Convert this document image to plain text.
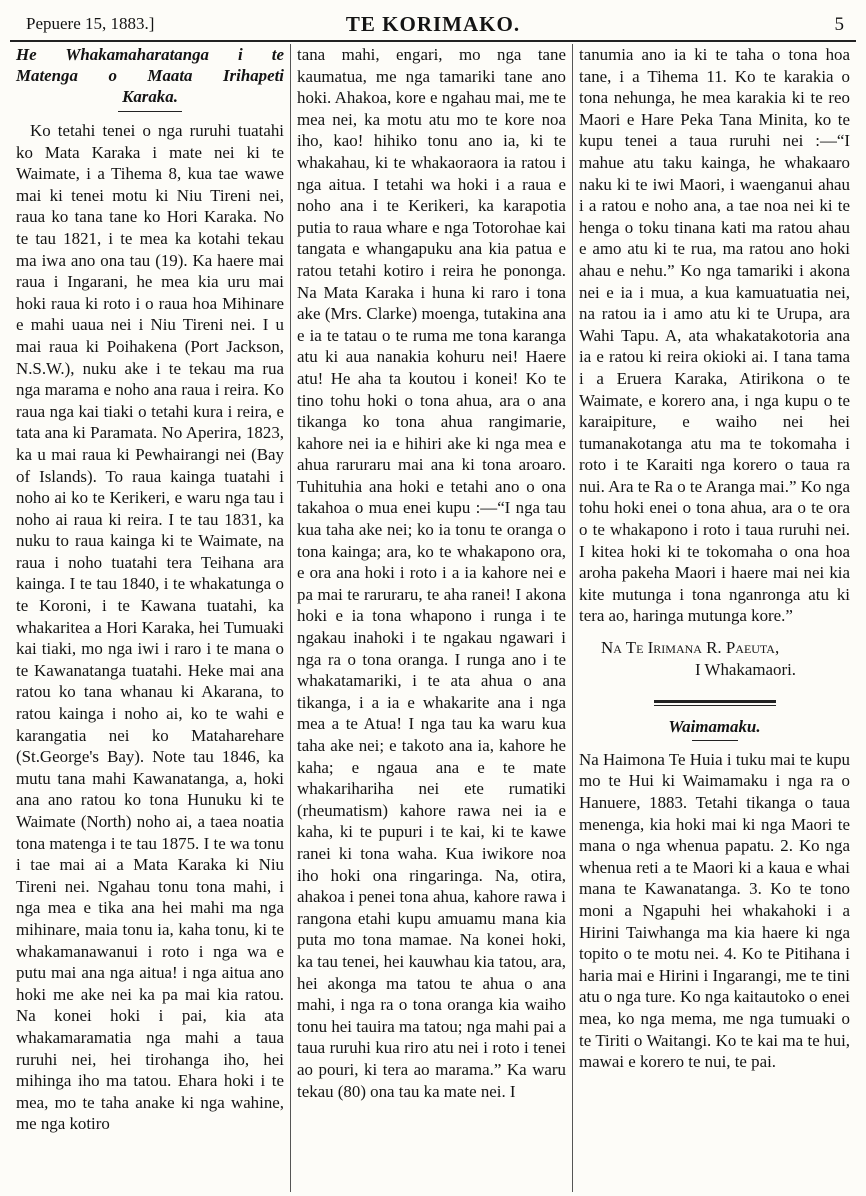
Pepuere 15, 1883.]	TE KORIMAKO.	5
He Whakamaharatanga i te
Matenga o Maata Irihapeti
Karaka.

Ko tetahi tenei o nga ruruhi tuatahi ko Mata Karaka i mate nei ki te Waimate, i a Tihema 8, kua tae wawe mai ki tenei motu ki Niu Tireni nei, raua ko tana tane ko Hori Karaka. No te tau 1821, i te mea ka kotahi tekau ma iwa ano ona tau (19). Ka haere mai raua i Ingarani, he mea kia uru mai hoki raua ki roto i o raua hoa Mihinare e mahi uaua nei i Niu Tireni nei. I u mai raua ki Poihakena (Port Jackson, N.S.W.), nuku ake i te tekau ma rua nga marama e noho ana raua i reira. Ko raua nga kai tiaki o tetahi kura i reira, e tata ana ki Paramata. No Aperira, 1823, ka u mai raua ki Pewhairangi nei (Bay of Islands). To raua kainga tuatahi i noho ai ko te Kerikeri, e waru nga tau i noho ai raua ki reira. I te tau 1831, ka nuku to raua kainga ki te Waimate, na raua i noho tuatahi tera Teihana ara kainga. I te tau 1840, i te whakatunga o te Koroni, i te Kawana tuatahi, ka whakaritea a Hori Karaka, hei Tumuaki kai tiaki, mo nga iwi i raro i te mana o te Kawanatanga tuatahi. Heke mai ana ratou ko tana whanau ki Akarana, to ratou kainga i noho ai, ko te wahi e karangatia nei ko Mataharehare (St.George's Bay). Note tau 1846, ka mutu tana mahi Kawanatanga, a, hoki ana ano ratou ko tona Hunuku ki te Waimate (North) noho ai, a taea noatia tona matenga i te tau 1875. I te wa tonu i tae mai ai a Mata Karaka ki Niu Tireni nei. Ngahau tonu tona mahi, i nga mea e tika ana hei mahi ma nga mihinare, maia tonu ia, kaha tonu, ki te whakamanawanui i roto i nga wa e putu mai ana nga aitua! i nga aitua ano hoki me ake nei ka pa mai kia ratou. Na konei hoki i pai, kia ata whakamaramatia nga mahi a taua ruruhi nei, hei tirohanga iho, hei mihinga iho ma tatou. Ehara hoki i te mea, mo te taha anake ki nga wahine, me nga kotiro

tana mahi, engari, mo nga tane kaumatua, me nga tamariki tane ano hoki. Ahakoa, kore e ngahau mai, me te mea nei, ka motu atu mo te kore noa iho, kao! hihiko tonu ano ia, ki te whakahau, ki te whakaoraora ia ratou i nga aitua. I tetahi wa hoki i a raua e noho ana i te Kerikeri, ka karapotia putia to raua whare e nga Totorohae kai tangata e whangapuku ana kia patua e ratou tetahi kotiro i reira he pononga. Na Mata Karaka i huna ki raro i tona ake (Mrs. Clarke) moenga, tutakina ana e ia te tatau o te ruma me tona karanga atu ki aua nanakia kohuru nei! Haere atu! He aha ta koutou i konei! Ko te tino tohu hoki o tona ahua, ara o ana tikanga ko tona ahua rangimarie, kahore nei ia e hihiri ake ki nga mea e ahua raruraru mai ana ki tona aroaro. Tuhituhia ana hoki e tetahi ano o ona takahoa o mua enei kupu :—“I nga tau kua taha ake nei; ko ia tonu te oranga o tona kainga; ara, ko te whakapono ora, e ora ana hoki i roto i a ia kahore nei e pa mai te raruraru, te aha ranei! I akona hoki e ia tona whapono i runga i te ngakau inahoki i te ngakau ngawari i nga ra o tona oranga. I runga ano i te whakatamariki, i te ata ahua o ana tikanga, i a ia e whakarite ana i nga mea a te Atua! I nga tau ka waru kua taha ake nei; e takoto ana ia, kahore he kaha; e ngaua ana e te mate whakarihariha nei ete rumatiki (rheumatism) kahore rawa nei ia e kaha, ki te pupuri i te kai, ki te kawe ranei ki tona waha. Kua iwikore noa iho hoki ona ringaringa. Na, otira, ahakoa i penei tona ahua, kahore rawa i rangona etahi kupu amuamu mana kia puta mo tona mamae. Na konei hoki, ka tau tenei, hei kauwhau kia tatou, ara, hei akonga ma tatou te ahua o ana mahi, i nga ra o tona oranga kia waiho tonu hei tauira ma tatou; nga mahi pai a taua ruruhi kua riro atu nei i roto i tenei ao pouri, ki tera ao marama.” Ka waru tekau (80) ona tau ka mate nei. I

tanumia ano ia ki te taha o tona hoa tane, i a Tihema 11. Ko te karakia o tona nehunga, he mea karakia ki te reo Maori e Hare Peka Tana Minita, ko te kupu tenei a taua ruruhi nei :—“I mahue atu taku kainga, he whakaaro naku ki te iwi Maori, i waenganui ahau i a ratou e noho ana, a tae noa nei ki te henga o toku tinana kati ma ratou ahau e amo atu ki te rua, ma ratou ano hoki ahau e nehu.” Ko nga tamariki i akona nei e ia i mua, a kua kamuatuatia nei, na ratou ia i amo atu ki te Urupa, ara Wahi Tapu. A, ata whakatakotoria ana ia e ratou ki reira okioki ai. I tana tama i a Eruera Karaka, Atirikona o te Waimate, e korero ana, i nga kupu o te karaipiture, e waiho nei hei tumanakotanga atu ma te tokomaha i roto i te Karaiti nga korero o taua ra nui. Ara te Ra o te Aranga mai.” Ko nga tohu hoki enei o tona ahua, ara o te ora o te whakapono i roto i taua ruruhi nei. I kitea hoki ki te tokomaha o ona hoa aroha pakeha Maori i haere mai nei kia kite mutunga i tona nganronga atu ki tera ao, haringa mutunga kore.”

Na Te Irimana R. Paeuta,
I Whakamaori.
Waimamaku.

Na Haimona Te Huia i tuku mai te kupu mo te Hui ki Waimamaku i nga ra o Hanuere, 1883. Tetahi tikanga o taua menenga, kia hoki mai ki nga Maori te mana o nga whenua papatu. 2. Ko nga whenua reti a te Maori ki a kaua e whai mana te Kawanatanga. 3. Ko te tono moni a Ngapuhi hei whakahoki i a Hirini Taiwhanga ma kia haere ki nga topito o te motu nei. 4. Ko te Pitihana i haria mai e Hirini i Ingarangi, me te tini atu o nga ture. Ko nga kaitautoko o enei mea, ko nga mema, me nga tumuaki o te Tiriti o Waitangi. Ko te kai ma te hui, mawai e korero te nui, te pai.
